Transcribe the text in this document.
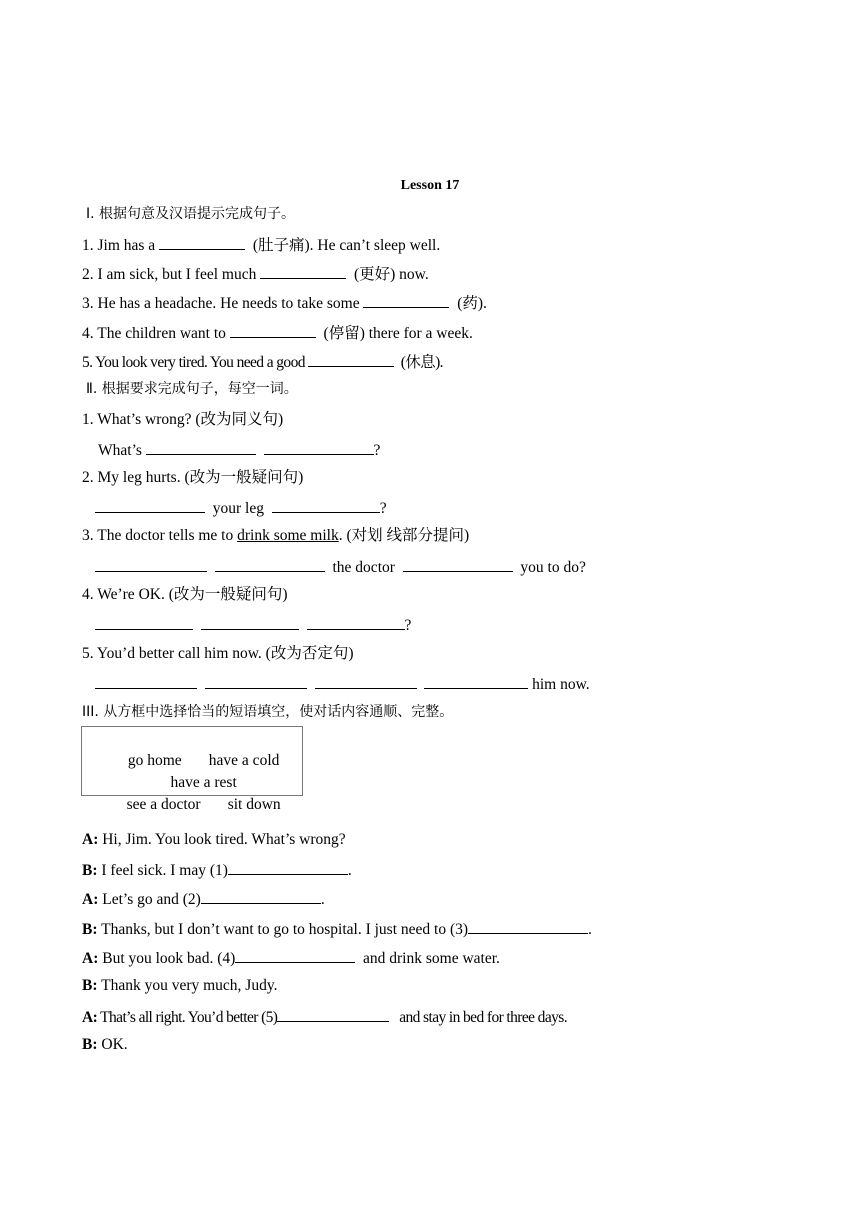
Lesson 17
Ⅰ. 根据句意及汉语提示完成句子。
1. Jim has a	(肚子痛). He can’t sleep well.
2. I am sick, but I feel much	(更好) now.
3. He has a headache. He needs to take some	(药).
4. The children want to	(停留) there for a week.
5. You look very tired. You need a good	(休息).
Ⅱ. 根据要求完成句子，每空一词。
1. What’s wrong? (改为同义句)
What’s	?
2. My leg hurts. (改为一般疑问句)
your leg	?
3. The doctor tells me to drink some milk. (对划 线部分提问)
the doctor	you to do?
4. We’re OK. (改为一般疑问句)
?
5. You’d better call him now. (改为否定句)
him now.
III. 从方框中选择恰当的短语填空，使对话内容通顺、完整。

go home have a cold

have a rest

see a doctor sit down

A: Hi, Jim. You look tired. What’s wrong?
B: I feel sick. I may (1)	.
A: Let’s go and (2)	.
B: Thanks, but I don’t want to go to hospital. I just need to (3)	.
A: But you look bad. (4)	and drink some water.
B: Thank you very much, Judy.
A: That’s all right. You’d better (5)	and stay in bed for three days.
B: OK.
